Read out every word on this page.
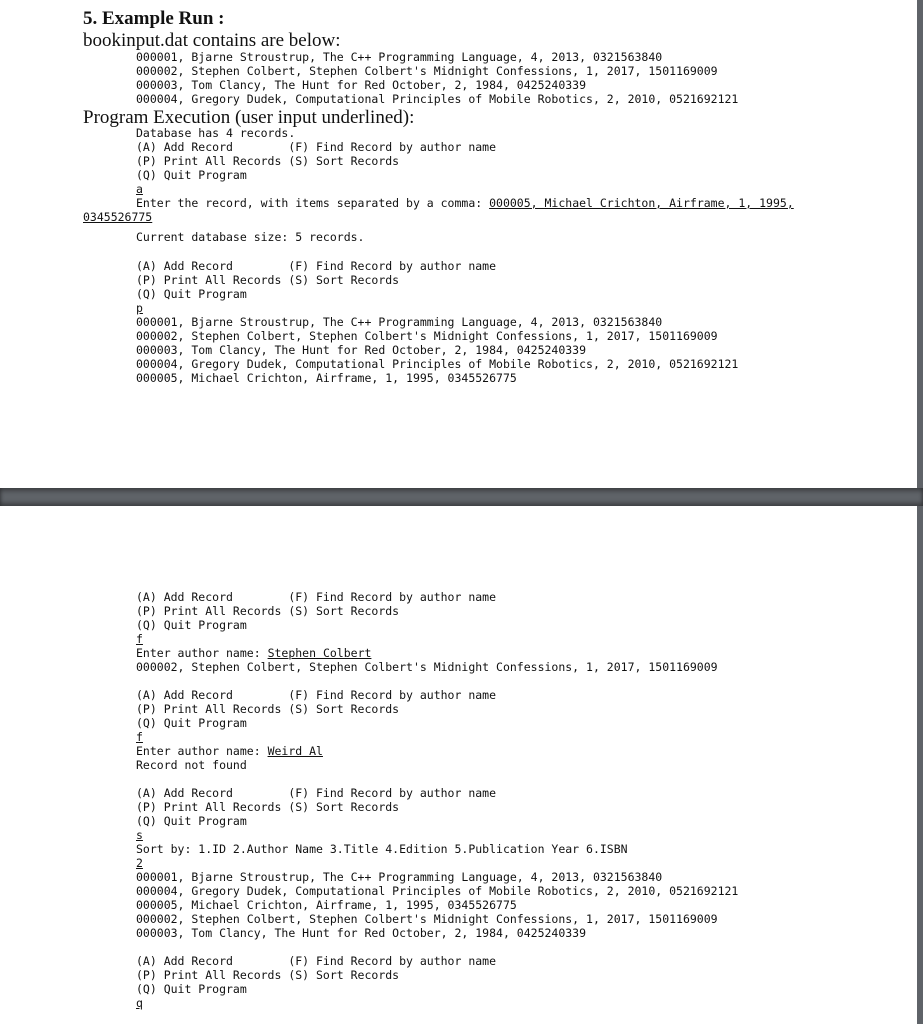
5. Example Run :
bookinput.dat contains are below:
000001, Bjarne Stroustrup, The C++ Programming Language, 4, 2013, 0321563840
000002, Stephen Colbert, Stephen Colbert's Midnight Confessions, 1, 2017, 1501169009
000003, Tom Clancy, The Hunt for Red October, 2, 1984, 0425240339
000004, Gregory Dudek, Computational Principles of Mobile Robotics, 2, 2010, 0521692121
Program Execution (user input underlined):
Database has 4 records.
(A) Add Record        (F) Find Record by author name
(P) Print All Records (S) Sort Records
(Q) Quit Program
a
Enter the record, with items separated by a comma: 000005, Michael Crichton, Airframe, 1, 1995,
0345526775
Current database size: 5 records.
(A) Add Record        (F) Find Record by author name
(P) Print All Records (S) Sort Records
(Q) Quit Program
p
000001, Bjarne Stroustrup, The C++ Programming Language, 4, 2013, 0321563840
000002, Stephen Colbert, Stephen Colbert's Midnight Confessions, 1, 2017, 1501169009
000003, Tom Clancy, The Hunt for Red October, 2, 1984, 0425240339
000004, Gregory Dudek, Computational Principles of Mobile Robotics, 2, 2010, 0521692121
000005, Michael Crichton, Airframe, 1, 1995, 0345526775
(A) Add Record        (F) Find Record by author name
(P) Print All Records (S) Sort Records
(Q) Quit Program
f
Enter author name: Stephen Colbert
000002, Stephen Colbert, Stephen Colbert's Midnight Confessions, 1, 2017, 1501169009
(A) Add Record        (F) Find Record by author name
(P) Print All Records (S) Sort Records
(Q) Quit Program
f
Enter author name: Weird Al
Record not found
(A) Add Record        (F) Find Record by author name
(P) Print All Records (S) Sort Records
(Q) Quit Program
s
Sort by: 1.ID 2.Author Name 3.Title 4.Edition 5.Publication Year 6.ISBN
2
000001, Bjarne Stroustrup, The C++ Programming Language, 4, 2013, 0321563840
000004, Gregory Dudek, Computational Principles of Mobile Robotics, 2, 2010, 0521692121
000005, Michael Crichton, Airframe, 1, 1995, 0345526775
000002, Stephen Colbert, Stephen Colbert's Midnight Confessions, 1, 2017, 1501169009
000003, Tom Clancy, The Hunt for Red October, 2, 1984, 0425240339
(A) Add Record        (F) Find Record by author name
(P) Print All Records (S) Sort Records
(Q) Quit Program
q
